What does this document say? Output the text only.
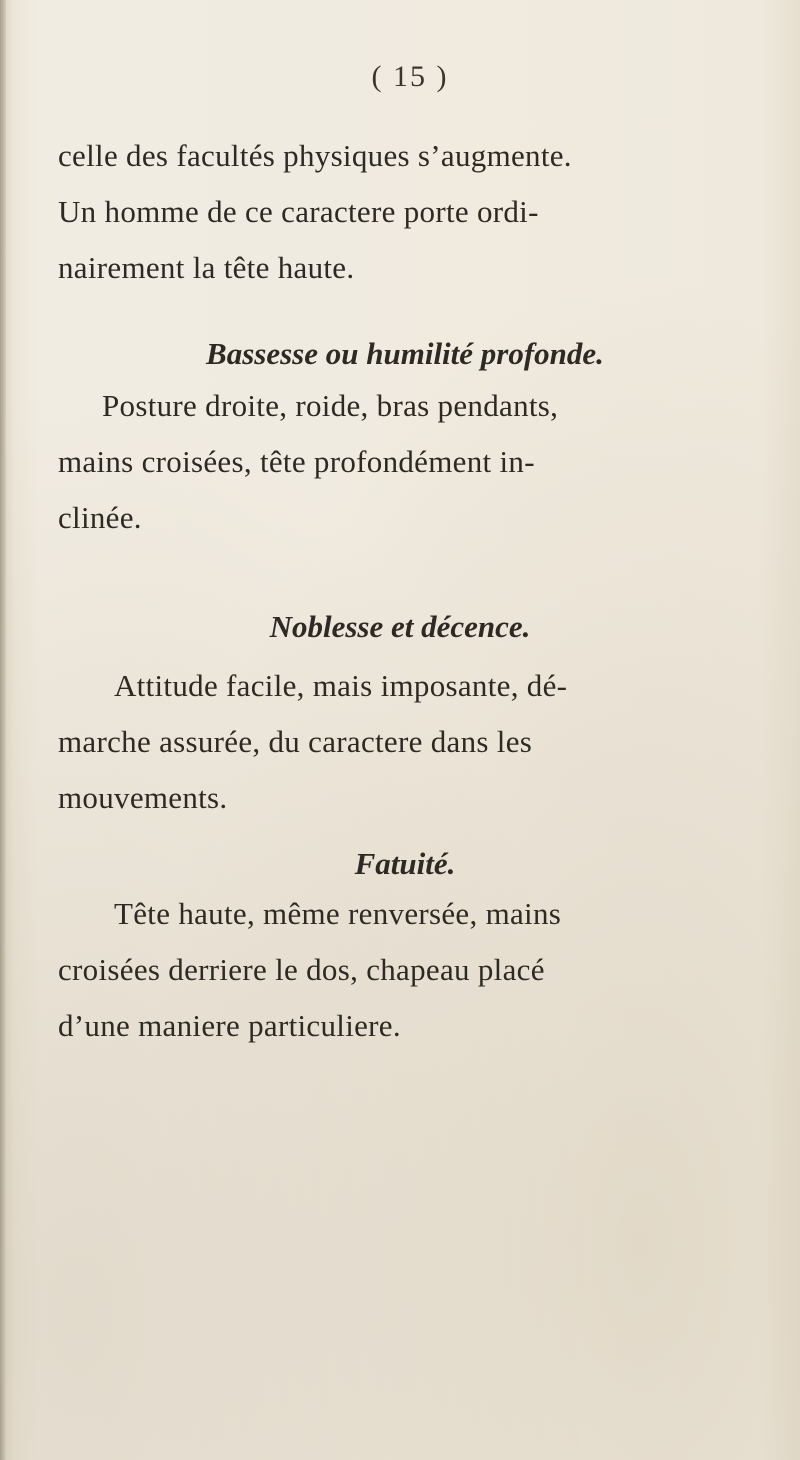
( 15 )

celle des facultés physiques s’augmente.
Un homme de ce caractere porte ordi-
nairement la tête haute.

Bassesse ou humilité profonde.

Posture droite, roide, bras pendants,
mains croisées, tête profondément in-
clinée.

Noblesse et décence.

Attitude facile, mais imposante, dé-
marche assurée, du caractere dans les
mouvements.

Fatuité.

Tête haute, même renversée, mains
croisées derriere le dos, chapeau placé
d’une maniere particuliere.
